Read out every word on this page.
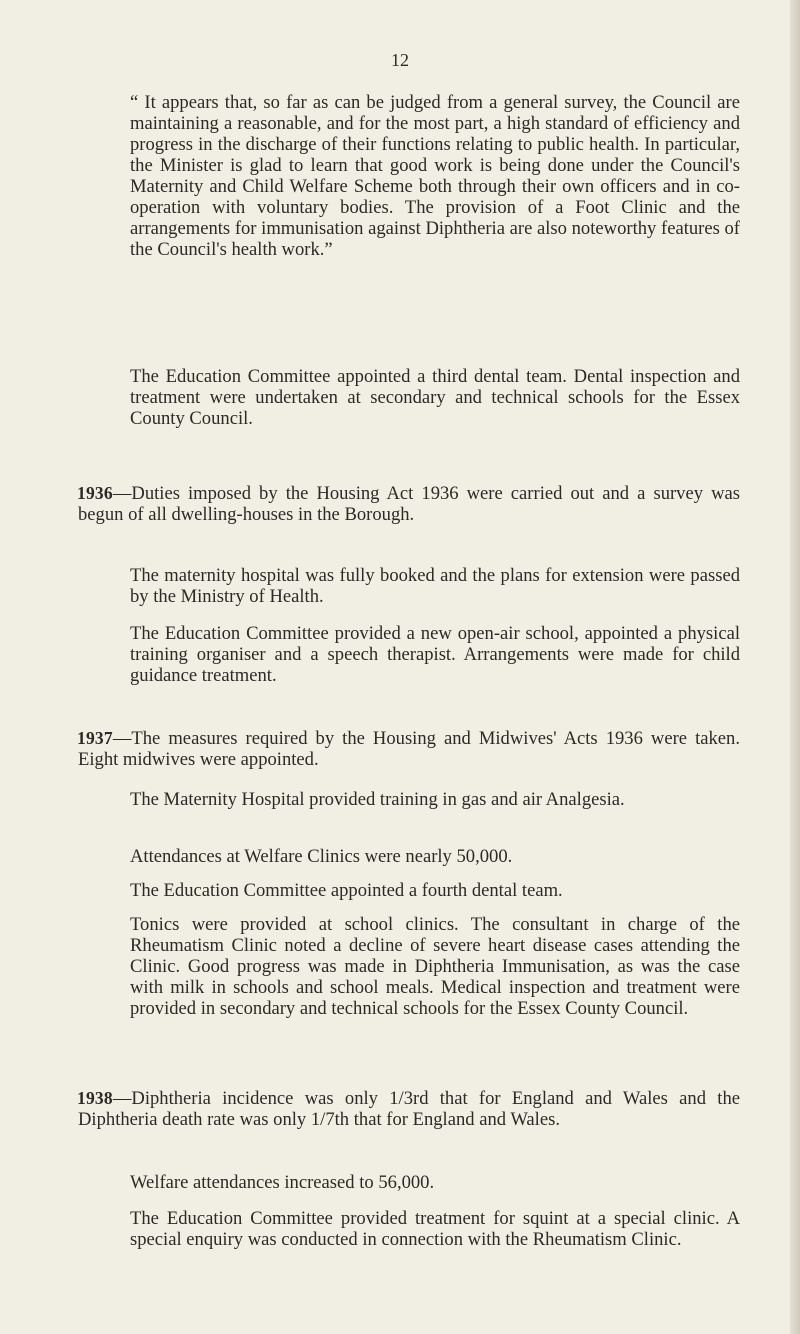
12

“ It appears that, so far as can be judged from a general survey, the Council are maintaining a reasonable, and for the most part, a high standard of efficiency and progress in the discharge of their functions relating to public health. In particular, the Minister is glad to learn that good work is being done under the Council's Maternity and Child Welfare Scheme both through their own officers and in co-operation with voluntary bodies. The provision of a Foot Clinic and the arrangements for immunisation against Diphtheria are also noteworthy features of the Council's health work.”

The Education Committee appointed a third dental team. Dental inspection and treatment were undertaken at secondary and technical schools for the Essex County Council.

1936—Duties imposed by the Housing Act 1936 were carried out and a survey was begun of all dwelling-houses in the Borough.

The maternity hospital was fully booked and the plans for extension were passed by the Ministry of Health.

The Education Committee provided a new open-air school, appointed a physical training organiser and a speech therapist. Arrangements were made for child guidance treatment.

1937—The measures required by the Housing and Midwives' Acts 1936 were taken. Eight midwives were appointed.

The Maternity Hospital provided training in gas and air Analgesia.

Attendances at Welfare Clinics were nearly 50,000.

The Education Committee appointed a fourth dental team.

Tonics were provided at school clinics. The consultant in charge of the Rheumatism Clinic noted a decline of severe heart disease cases attending the Clinic. Good progress was made in Diphtheria Immunisation, as was the case with milk in schools and school meals. Medical inspection and treatment were provided in secondary and technical schools for the Essex County Council.

1938—Diphtheria incidence was only 1/3rd that for England and Wales and the Diphtheria death rate was only 1/7th that for England and Wales.

Welfare attendances increased to 56,000.

The Education Committee provided treatment for squint at a special clinic. A special enquiry was conducted in connection with the Rheumatism Clinic.
